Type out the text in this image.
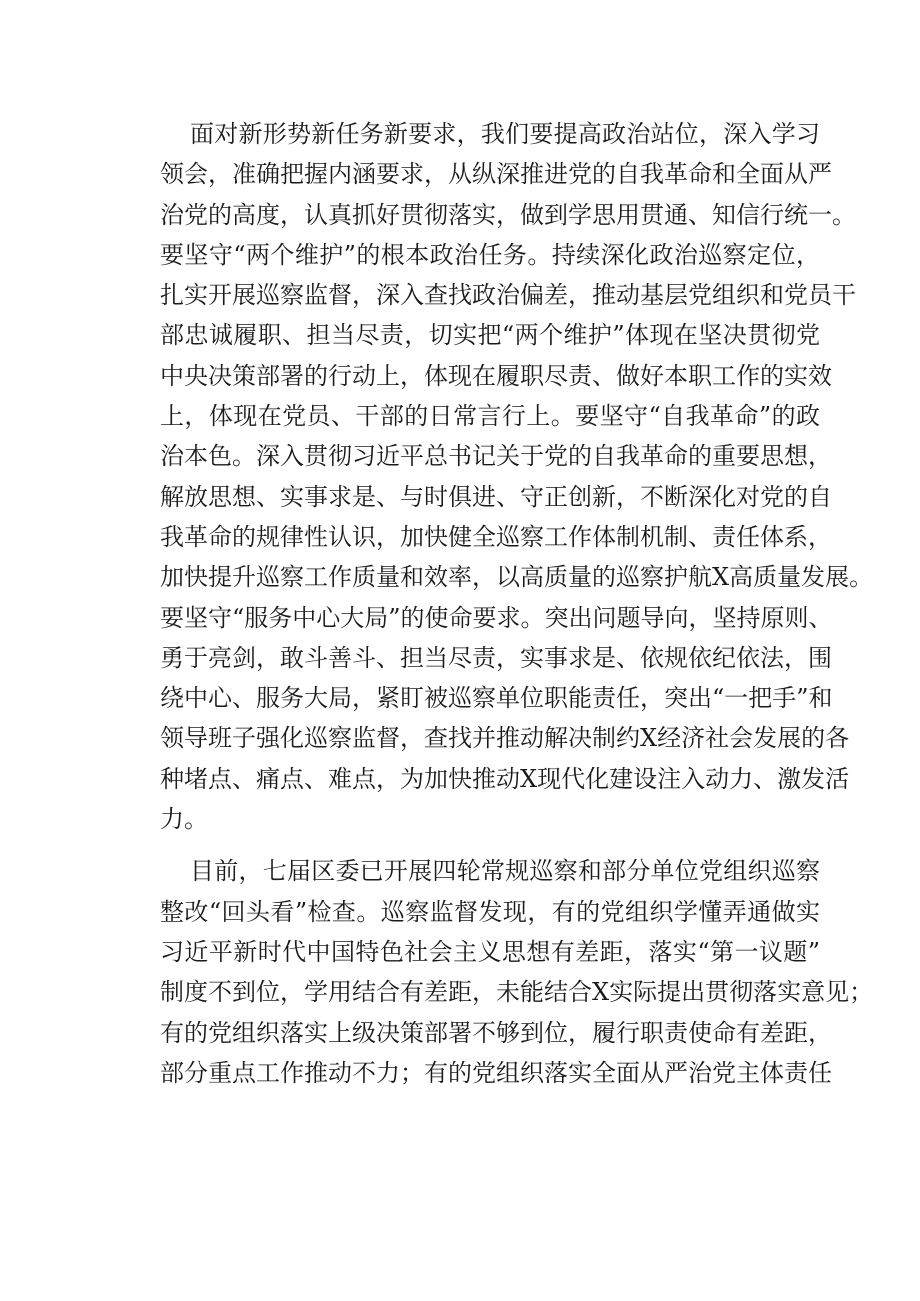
面对新形势新任务新要求，我们要提高政治站位，深入学习
领会，准确把握内涵要求，从纵深推进党的自我革命和全面从严
治党的高度，认真抓好贯彻落实，做到学思用贯通、知信行统一。
要坚守“两个维护”的根本政治任务。持续深化政治巡察定位，
扎实开展巡察监督，深入查找政治偏差，推动基层党组织和党员干
部忠诚履职、担当尽责，切实把“两个维护”体现在坚决贯彻党
中央决策部署的行动上，体现在履职尽责、做好本职工作的实效
上，体现在党员、干部的日常言行上。要坚守“自我革命”的政
治本色。深入贯彻习近平总书记关于党的自我革命的重要思想，
解放思想、实事求是、与时俱进、守正创新，不断深化对党的自
我革命的规律性认识，加快健全巡察工作体制机制、责任体系，
加快提升巡察工作质量和效率，以高质量的巡察护航X高质量发展。
要坚守“服务中心大局”的使命要求。突出问题导向，坚持原则、
勇于亮剑，敢斗善斗、担当尽责，实事求是、依规依纪依法，围
绕中心、服务大局，紧盯被巡察单位职能责任，突出“一把手”和
领导班子强化巡察监督，查找并推动解决制约X经济社会发展的各
种堵点、痛点、难点，为加快推动X现代化建设注入动力、激发活
力。
目前，七届区委已开展四轮常规巡察和部分单位党组织巡察
整改“回头看”检查。巡察监督发现，有的党组织学懂弄通做实
习近平新时代中国特色社会主义思想有差距，落实“第一议题”
制度不到位，学用结合有差距，未能结合X实际提出贯彻落实意见；
有的党组织落实上级决策部署不够到位，履行职责使命有差距，
部分重点工作推动不力；有的党组织落实全面从严治党主体责任
